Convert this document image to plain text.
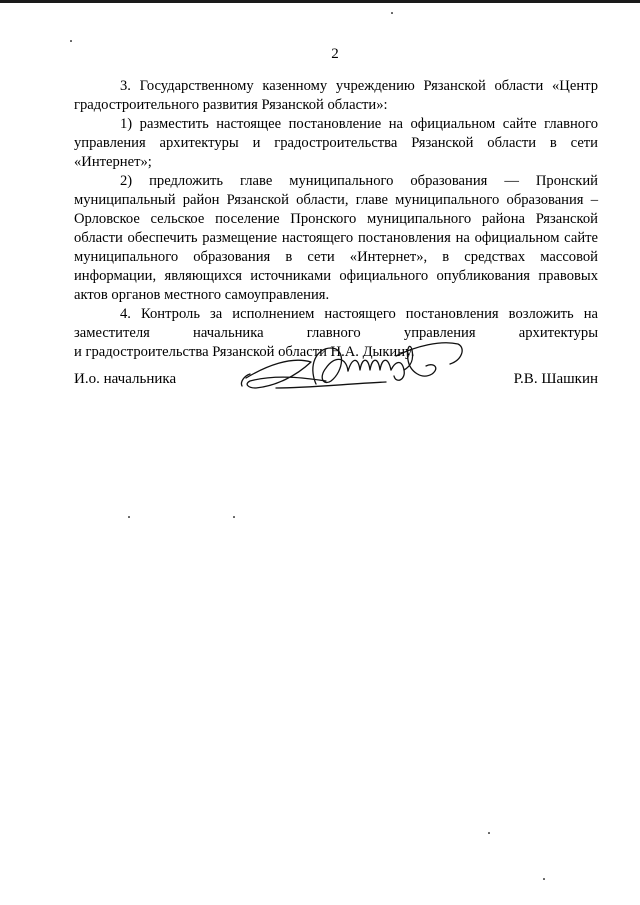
2

3. Государственному казенному учреждению Рязанской области «Центр градостроительного развития Рязанской области»:

1) разместить настоящее постановление на официальном сайте главного управления архитектуры и градостроительства Рязанской области в сети «Интернет»;

2) предложить главе муниципального образования — Пронский муниципальный район Рязанской области, главе муниципального образования – Орловское сельское поселение Пронского муниципального района Рязанской области обеспечить размещение настоящего постановления на официальном сайте муниципального образования в сети «Интернет», в средствах массовой информации, являющихся источниками официального опубликования правовых актов органов местного самоуправления.

4. Контроль за исполнением настоящего постановления возложить на заместителя начальника главного управления архитектуры

и градостроительства Рязанской области Н.А. Дыкину.

И.о. начальника	Р.В. Шашкин
